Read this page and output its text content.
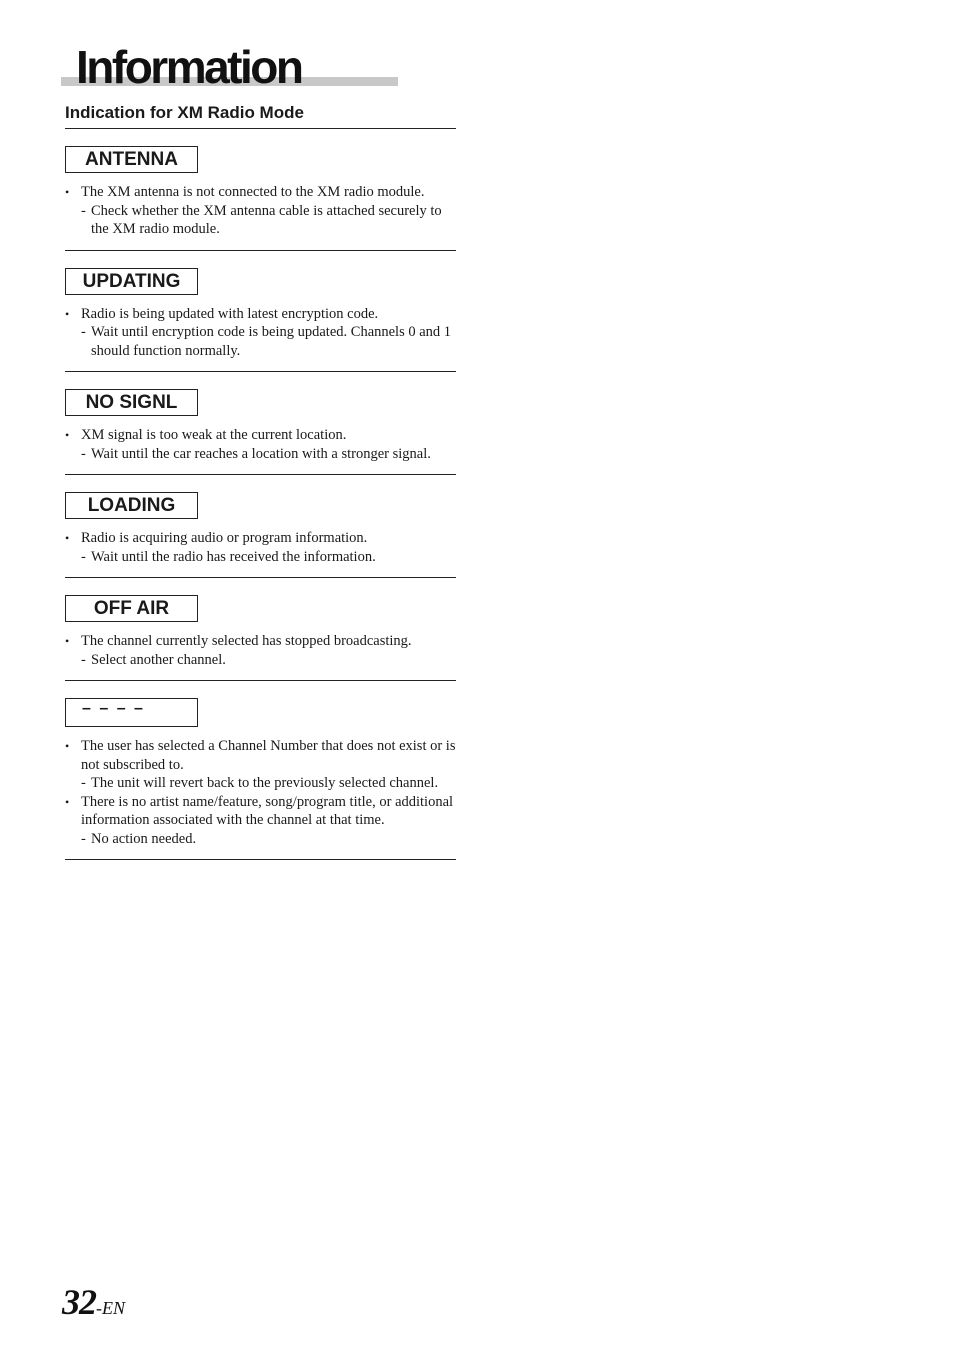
Information
Indication for XM Radio Mode
ANTENNA

• The XM antenna is not connected to the XM radio module.

- Check whether the XM antenna cable is attached securely to the XM radio module.

UPDATING

• Radio is being updated with latest encryption code.

- Wait until encryption code is being updated. Channels 0 and 1 should function normally.

NO SIGNL

• XM signal is too weak at the current location.

- Wait until the car reaches a location with a stronger signal.

LOADING

• Radio is acquiring audio or program information.

- Wait until the radio has received the information.

OFF AIR

• The channel currently selected has stopped broadcasting.

- Select another channel.

– – – –

• The user has selected a Channel Number that does not exist or is not subscribed to.

- The unit will revert back to the previously selected channel.

• There is no artist name/feature, song/program title, or additional information associated with the channel at that time.

- No action needed.

32-EN
